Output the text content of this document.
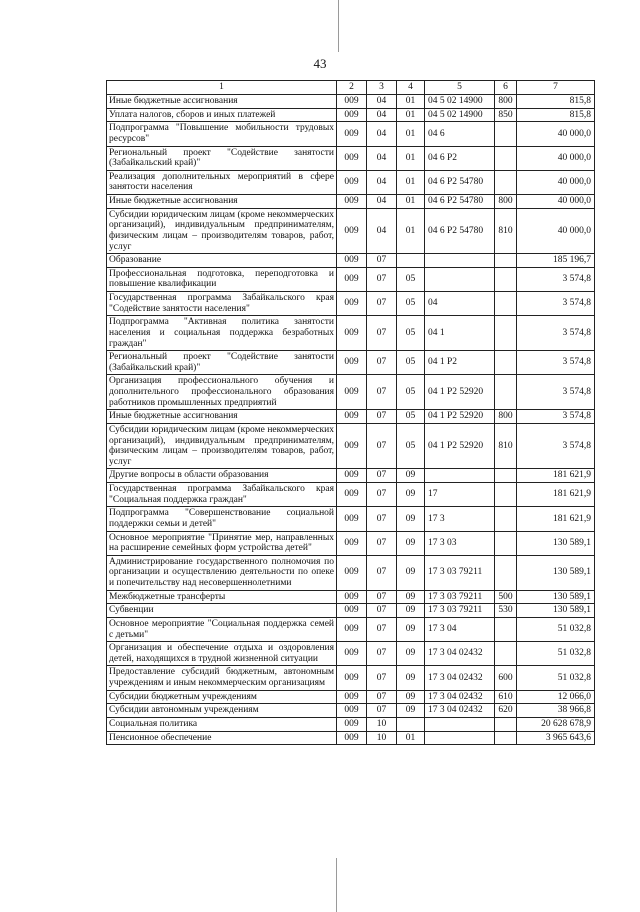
43
1	2	3	4	5	6	7
Иные бюджетные ассигнования	009	04	01	04 5 02 14900	800	815,8
Уплата налогов, сборов и иных платежей	009	04	01	04 5 02 14900	850	815,8
Подпрограмма "Повышение мобильности трудовых ресурсов"	009	04	01	04 6		40 000,0
Региональный проект "Содействие занятости (Забайкальский край)"	009	04	01	04 6 P2		40 000,0
Реализация дополнительных мероприятий в сфере занятости населения	009	04	01	04 6 P2 54780		40 000,0
Иные бюджетные ассигнования	009	04	01	04 6 P2 54780	800	40 000,0
Субсидии юридическим лицам (кроме некоммерческих организаций), индивидуальным предпринимателям, физическим лицам – производителям товаров, работ, услуг	009	04	01	04 6 P2 54780	810	40 000,0
Образование	009	07				185 196,7
Профессиональная подготовка, переподготовка и повышение квалификации	009	07	05			3 574,8
Государственная программа Забайкальского края "Содействие занятости населения"	009	07	05	04		3 574,8
Подпрограмма "Активная политика занятости населения и социальная поддержка безработных граждан"	009	07	05	04 1		3 574,8
Региональный проект "Содействие занятости (Забайкальский край)"	009	07	05	04 1 P2		3 574,8
Организация профессионального обучения и дополнительного профессионального образования работников промышленных предприятий	009	07	05	04 1 P2 52920		3 574,8
Иные бюджетные ассигнования	009	07	05	04 1 P2 52920	800	3 574,8
Субсидии юридическим лицам (кроме некоммерческих организаций), индивидуальным предпринимателям, физическим лицам – производителям товаров, работ, услуг	009	07	05	04 1 P2 52920	810	3 574,8
Другие вопросы в области образования	009	07	09			181 621,9
Государственная программа Забайкальского края "Социальная поддержка граждан"	009	07	09	17		181 621,9
Подпрограмма "Совершенствование социальной поддержки семьи и детей"	009	07	09	17 3		181 621,9
Основное мероприятие "Принятие мер, направленных на расширение семейных форм устройства детей"	009	07	09	17 3 03		130 589,1
Администрирование государственного полномочия по организации и осуществлению деятельности по опеке и попечительству над несовершеннолетними	009	07	09	17 3 03 79211		130 589,1
Межбюджетные трансферты	009	07	09	17 3 03 79211	500	130 589,1
Субвенции	009	07	09	17 3 03 79211	530	130 589,1
Основное мероприятие "Социальная поддержка семей с детьми"	009	07	09	17 3 04		51 032,8
Организация и обеспечение отдыха и оздоровления детей, находящихся в трудной жизненной ситуации	009	07	09	17 3 04 02432		51 032,8
Предоставление субсидий бюджетным, автономным учреждениям и иным некоммерческим организациям	009	07	09	17 3 04 02432	600	51 032,8
Субсидии бюджетным учреждениям	009	07	09	17 3 04 02432	610	12 066,0
Субсидии автономным учреждениям	009	07	09	17 3 04 02432	620	38 966,8
Социальная политика	009	10				20 628 678,9
Пенсионное обеспечение	009	10	01			3 965 643,6
